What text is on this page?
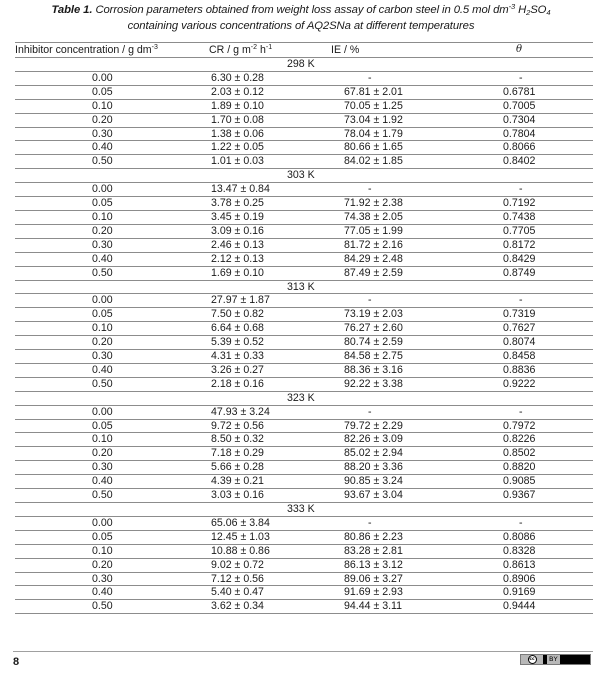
Table 1. Corrosion parameters obtained from weight loss assay of carbon steel in 0.5 mol $dm^{-3}$ $H_2SO_4$
containing various concentrations of AQ2SNa at different temperatures
Inhibitor concentration / g $dm^{-3}$	CR / g $m^{-2}$ $h^{-1}$	IE / %	θ
298 K			
0.00	6.30 ± 0.28	-	-
0.05	2.03 ± 0.12	67.81 ± 2.01	0.6781
0.10	1.89 ± 0.10	70.05 ± 1.25	0.7005
0.20	1.70 ± 0.08	73.04 ± 1.92	0.7304
0.30	1.38 ± 0.06	78.04 ± 1.79	0.7804
0.40	1.22 ± 0.05	80.66 ± 1.65	0.8066
0.50	1.01 ± 0.03	84.02 ± 1.85	0.8402
303 K			
0.00	13.47 ± 0.84	-	-
0.05	3.78 ± 0.25	71.92 ± 2.38	0.7192
0.10	3.45 ± 0.19	74.38 ± 2.05	0.7438
0.20	3.09 ± 0.16	77.05 ± 1.99	0.7705
0.30	2.46 ± 0.13	81.72 ± 2.16	0.8172
0.40	2.12 ± 0.13	84.29 ± 2.48	0.8429
0.50	1.69 ± 0.10	87.49 ± 2.59	0.8749
313 K			
0.00	27.97 ± 1.87	-	-
0.05	7.50 ± 0.82	73.19 ± 2.03	0.7319
0.10	6.64 ± 0.68	76.27 ± 2.60	0.7627
0.20	5.39 ± 0.52	80.74 ± 2.59	0.8074
0.30	4.31 ± 0.33	84.58 ± 2.75	0.8458
0.40	3.26 ± 0.27	88.36 ± 3.16	0.8836
0.50	2.18 ± 0.16	92.22 ± 3.38	0.9222
323 K			
0.00	47.93 ± 3.24	-	-
0.05	9.72 ± 0.56	79.72 ± 2.29	0.7972
0.10	8.50 ± 0.32	82.26 ± 3.09	0.8226
0.20	7.18 ± 0.29	85.02 ± 2.94	0.8502
0.30	5.66 ± 0.28	88.20 ± 3.36	0.8820
0.40	4.39 ± 0.21	90.85 ± 3.24	0.9085
0.50	3.03 ± 0.16	93.67 ± 3.04	0.9367
333 K			
0.00	65.06 ± 3.84	-	-
0.05	12.45 ± 1.03	80.86 ± 2.23	0.8086
0.10	10.88 ± 0.86	83.28 ± 2.81	0.8328
0.20	9.02 ± 0.72	86.13 ± 3.12	0.8613
0.30	7.12 ± 0.56	89.06 ± 3.27	0.8906
0.40	5.40 ± 0.47	91.69 ± 2.93	0.9169
0.50	3.62 ± 0.34	94.44 ± 3.11	0.9444
8	cc	BY
